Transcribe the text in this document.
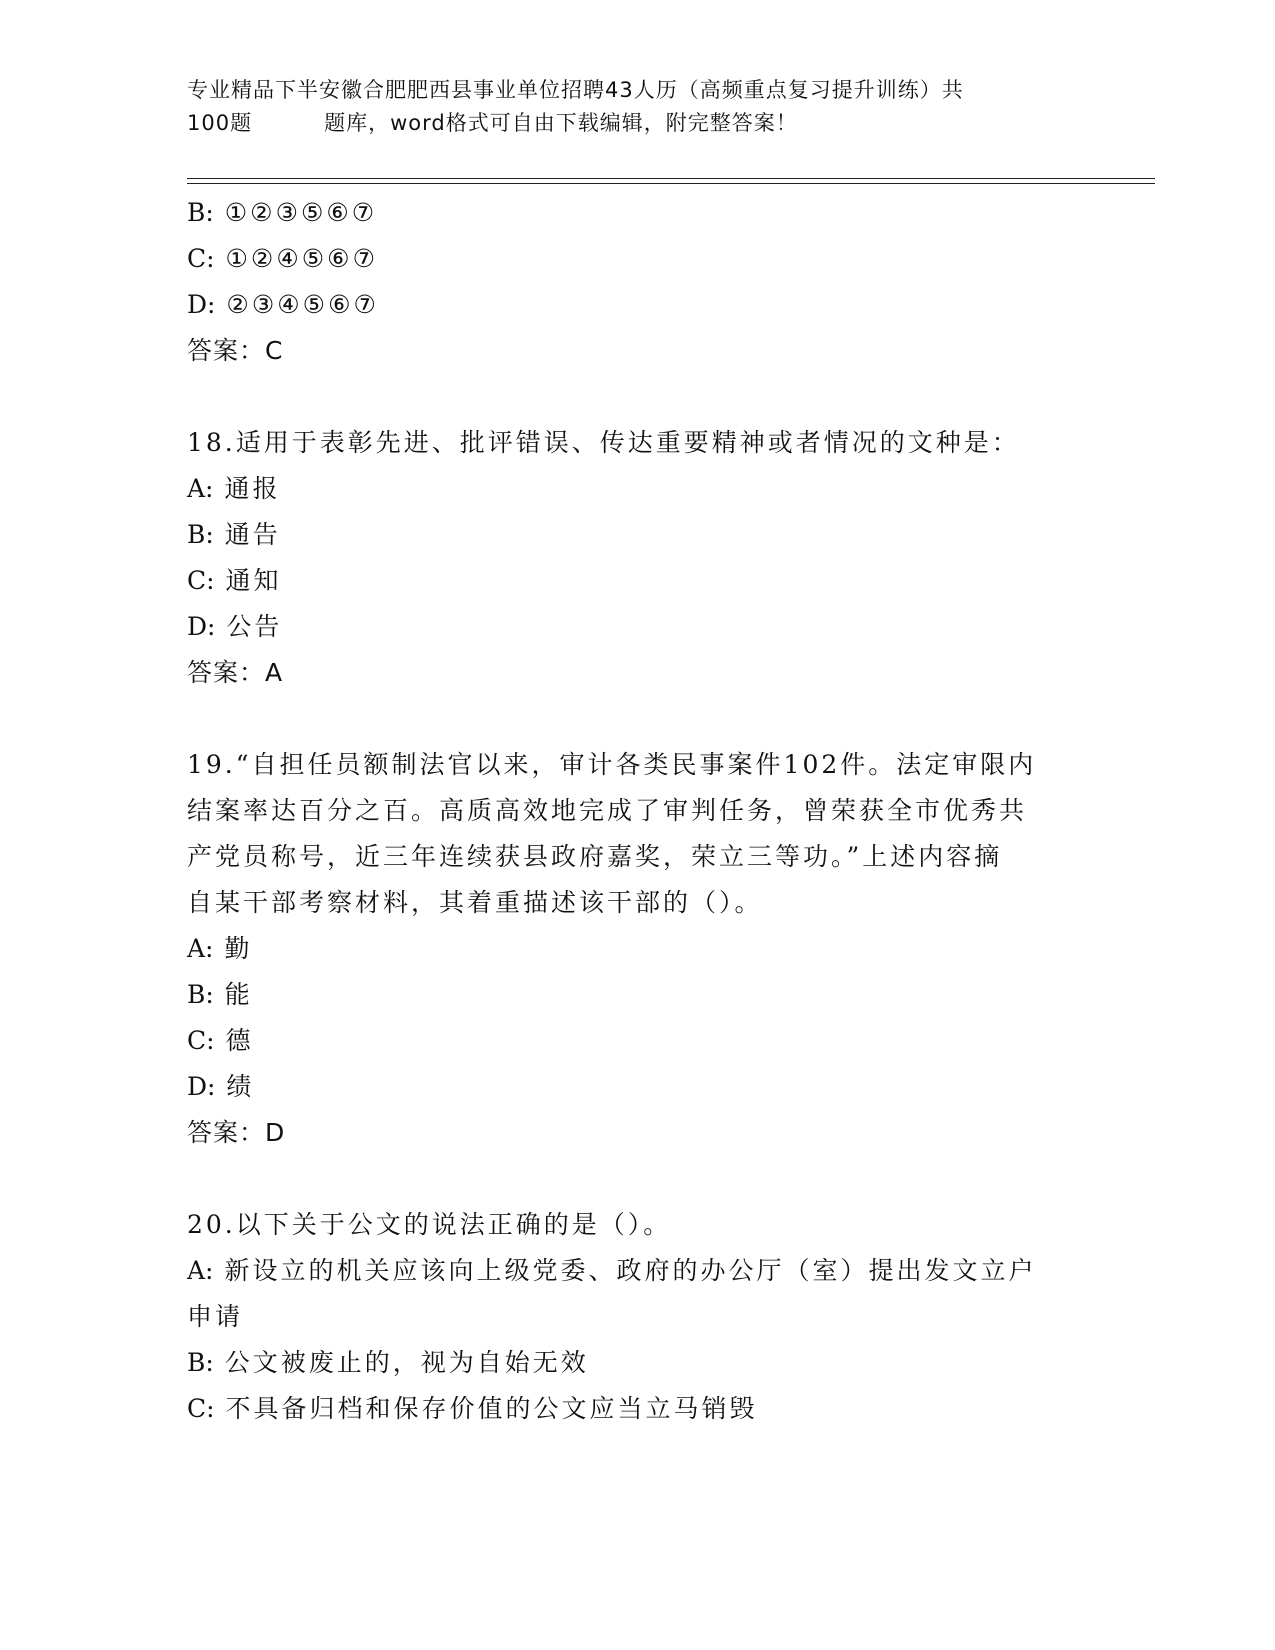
专业精品下半安徽合肥肥西县事业单位招聘43人历（高频重点复习提升训练）共
100题	题库，word格式可自由下载编辑，附完整答案！
B: ①②③⑤⑥⑦
C: ①②④⑤⑥⑦
D: ②③④⑤⑥⑦
答案：C
18.适用于表彰先进、批评错误、传达重要精神或者情况的文种是：
A: 通报
B: 通告
C: 通知
D: 公告
答案：A
19.“自担任员额制法官以来，审计各类民事案件102件。法定审限内
结案率达百分之百。高质高效地完成了审判任务，曾荣获全市优秀共
产党员称号，近三年连续获县政府嘉奖，荣立三等功。”上述内容摘
自某干部考察材料，其着重描述该干部的（）。
A: 勤
B: 能
C: 德
D: 绩
答案：D
20.以下关于公文的说法正确的是（）。
A: 新设立的机关应该向上级党委、政府的办公厅（室）提出发文立户
申请
B: 公文被废止的，视为自始无效
C: 不具备归档和保存价值的公文应当立马销毁
